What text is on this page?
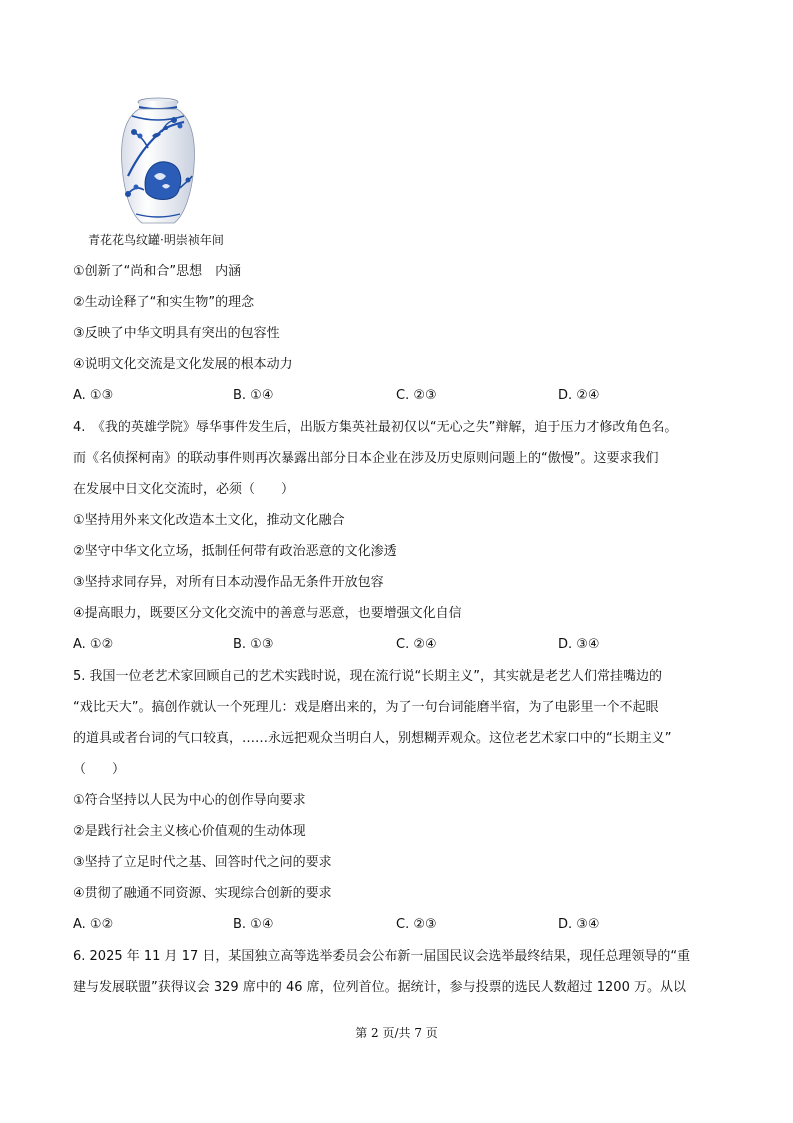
青花花鸟纹罐·明崇祯年间
①创新了“尚和合”思想　内涵
②生动诠释了“和实生物”的理念
③反映了中华文明具有突出的包容性
④说明文化交流是文化发展的根本动力
A. ①③	B. ①④	C. ②③	D. ②④
4.　《我的英雄学院》辱华事件发生后，出版方集英社最初仅以“无心之失”辩解，迫于压力才修改角色名。
而《名侦探柯南》的联动事件则再次暴露出部分日本企业在涉及历史原则问题上的“傲慢”。这要求我们
在发展中日文化交流时，必须（　　）
①坚持用外来文化改造本土文化，推动文化融合
②坚守中华文化立场，抵制任何带有政治恶意的文化渗透
③坚持求同存异，对所有日本动漫作品无条件开放包容
④提高眼力，既要区分文化交流中的善意与恶意，也要增强文化自信
A. ①②	B. ①③	C. ②④	D. ③④
5. 我国一位老艺术家回顾自己的艺术实践时说，现在流行说“长期主义”，其实就是老艺人们常挂嘴边的
“戏比天大”。搞创作就认一个死理儿：戏是磨出来的，为了一句台词能磨半宿，为了电影里一个不起眼
的道具或者台词的气口较真，……永远把观众当明白人，别想糊弄观众。这位老艺术家口中的“长期主义”
（　　）
①符合坚持以人民为中心的创作导向要求
②是践行社会主义核心价值观的生动体现
③坚持了立足时代之基、回答时代之问的要求
④贯彻了融通不同资源、实现综合创新的要求
A. ①②	B. ①④	C. ②③	D. ③④
6. 2025 年 11 月 17 日，某国独立高等选举委员会公布新一届国民议会选举最终结果，现任总理领导的“重
建与发展联盟”获得议会 329 席中的 46 席，位列首位。据统计，参与投票的选民人数超过 1200 万。从以
第 2 页/共 7 页
